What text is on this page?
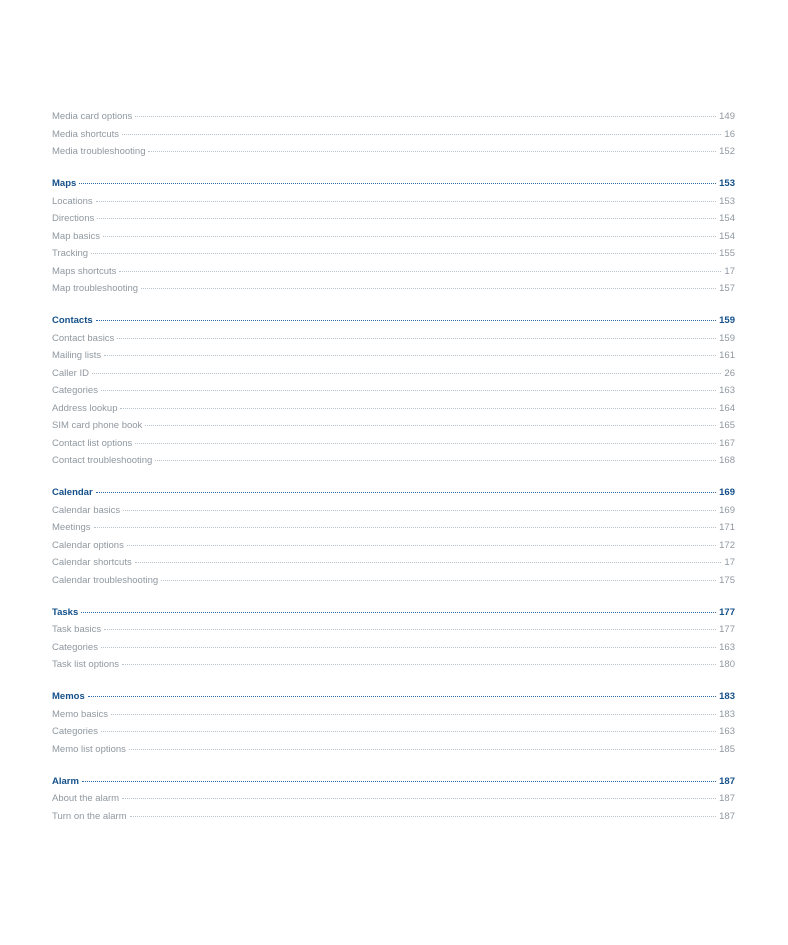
Media card options	149
Media shortcuts	16
Media troubleshooting	152
Maps	153
Locations	153
Directions	154
Map basics	154
Tracking	155
Maps shortcuts	17
Map troubleshooting	157
Contacts	159
Contact basics	159
Mailing lists	161
Caller ID	26
Categories	163
Address lookup	164
SIM card phone book	165
Contact list options	167
Contact troubleshooting	168
Calendar	169
Calendar basics	169
Meetings	171
Calendar options	172
Calendar shortcuts	17
Calendar troubleshooting	175
Tasks	177
Task basics	177
Categories	163
Task list options	180
Memos	183
Memo basics	183
Categories	163
Memo list options	185
Alarm	187
About the alarm	187
Turn on the alarm	187
